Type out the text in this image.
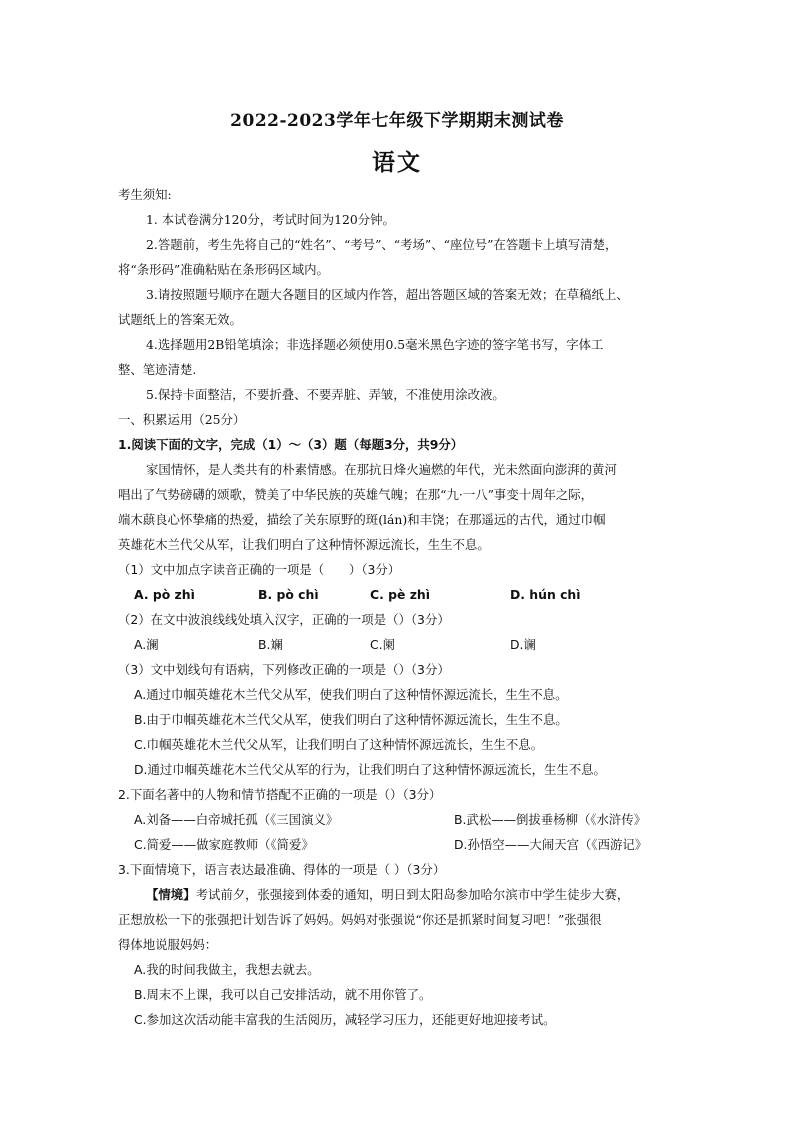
2022-2023学年七年级下学期期末测试卷
语文
考生须知:
1. 本试卷满分120分，考试时间为120分钟。
2.答题前，考生先将自己的“姓名”、“考号”、“考场”、“座位号”在答题卡上填写清楚，
将“条形码”准确粘贴在条形码区域内。
3.请按照题号顺序在题大各题目的区域内作答，超出答题区域的答案无效；在草稿纸上、
试题纸上的答案无效。
4.选择题用2B铅笔填涂；非选择题必须使用0.5毫米黑色字迹的签字笔书写，字体工
整、笔迹清楚.
5.保持卡面整洁，不要折叠、不要弄脏、弄皱，不准使用涂改液。
一、积累运用（25分）
1.阅读下面的文字，完成（1）～（3）题（每题3分，共9分）
家国情怀，是人类共有的朴素情感。在那抗日烽火遍燃的年代，光未然面向澎湃的黄河
唱出了气势磅礴的颂歌，赞美了中华民族的英雄气魄；在那“九·一八”事变十周年之际，
端木蕻良心怀挚痛的热爱，描绘了关东原野的斑(lán)和丰饶；在那遥远的古代，通过巾帼
英雄花木兰代父从军，让我们明白了这种情怀源远流长，生生不息。
（1）文中加点字读音正确的一项是（　　）（3分）
A. pò zhì	B. pò chì	C. pè zhì	D. hún chì
（2）在文中波浪线线处填入汉字，正确的一项是（）（3分）
A.澜	B.斓	C.阑	D.谰
（3）文中划线句有语病，下列修改正确的一项是（）（3分）
A.通过巾帼英雄花木兰代父从军，使我们明白了这种情怀源远流长，生生不息。
B.由于巾帼英雄花木兰代父从军，使我们明白了这种情怀源远流长，生生不息。
C.巾帼英雄花木兰代父从军，让我们明白了这种情怀源远流长，生生不息。
D.通过巾帼英雄花木兰代父从军的行为，让我们明白了这种情怀源远流长，生生不息。
2.下面名著中的人物和情节搭配不正确的一项是（）（3分）
A.刘备——白帝城托孤（《三国演义》	B.武松——倒拔垂杨柳（《水浒传》
C.简爱——做家庭教师（《简爱》	D.孙悟空——大闹天宫（《西游记》
3.下面情境下，语言表达最准确、得体的一项是（ ）（3分）
【情境】考试前夕，张强接到体委的通知，明日到太阳岛参加哈尔滨市中学生徒步大赛，
正想放松一下的张强把计划告诉了妈妈。妈妈对张强说“你还是抓紧时间复习吧！”张强很
得体地说服妈妈：
A.我的时间我做主，我想去就去。
B.周末不上课，我可以自己安排活动，就不用你管了。
C.参加这次活动能丰富我的生活阅历，减轻学习压力，还能更好地迎接考试。
